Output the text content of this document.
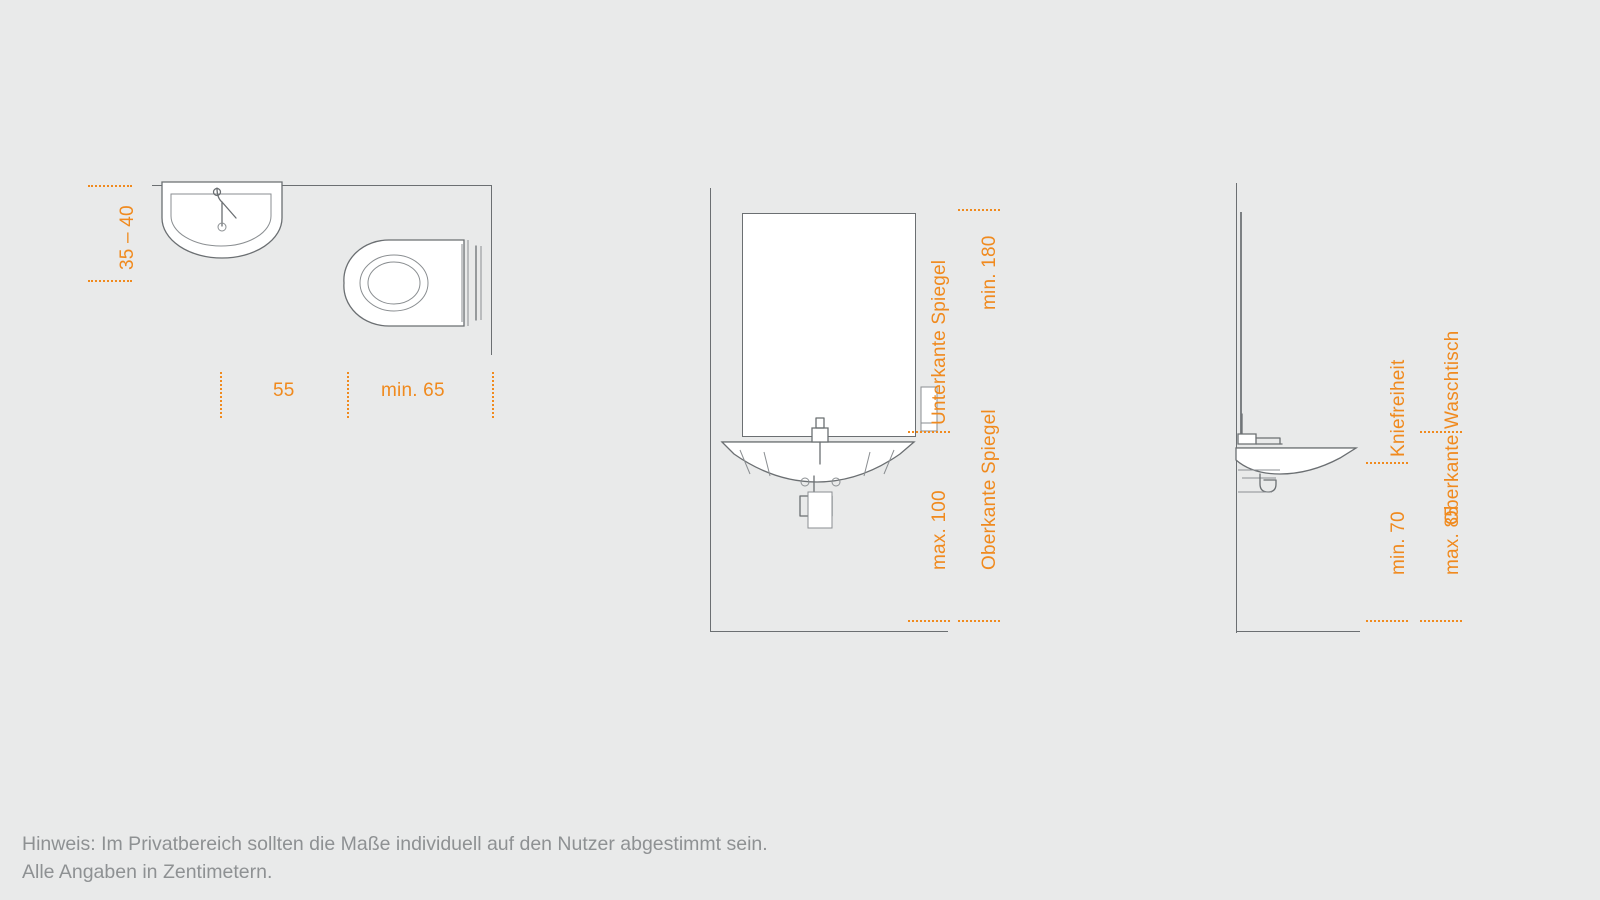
35 – 40
55	min. 65	Unterkante Spiegel
max. 100 Oberkante Spiegel
min. 180
Kniefreiheit
min. 70
Oberkante Waschtisch
max. 85
Hinweis: Im Privatbereich sollten die Maße individuell auf den Nutzer abgestimmt sein.
Alle Angaben in Zentimetern.
